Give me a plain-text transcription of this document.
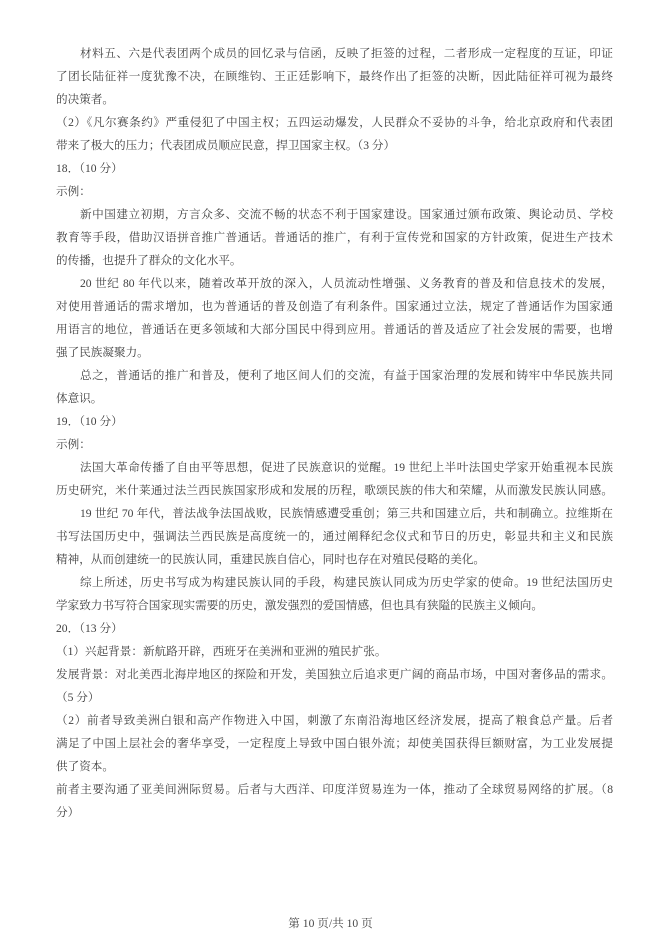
材料五、六是代表团两个成员的回忆录与信函，反映了拒签的过程，二者形成一定程度的互证，印证
了团长陆征祥一度犹豫不决，在顾维钧、王正廷影响下，最终作出了拒签的决断，因此陆征祥可视为最终
的决策者。
（2）《凡尔赛条约》严重侵犯了中国主权；五四运动爆发，人民群众不妥协的斗争，给北京政府和代表团
带来了极大的压力；代表团成员顺应民意，捍卫国家主权。（3 分）
18．（10 分）
示例：
新中国建立初期，方言众多、交流不畅的状态不利于国家建设。国家通过颁布政策、舆论动员、学校
教育等手段，借助汉语拼音推广普通话。普通话的推广，有利于宣传党和国家的方针政策，促进生产技术
的传播，也提升了群众的文化水平。
20 世纪 80 年代以来，随着改革开放的深入，人员流动性增强、义务教育的普及和信息技术的发展，
对使用普通话的需求增加，也为普通话的普及创造了有利条件。国家通过立法，规定了普通话作为国家通
用语言的地位，普通话在更多领域和大部分国民中得到应用。普通话的普及适应了社会发展的需要，也增
强了民族凝聚力。
总之，普通话的推广和普及，便利了地区间人们的交流，有益于国家治理的发展和铸牢中华民族共同
体意识。
19．（10 分）
示例：
法国大革命传播了自由平等思想，促进了民族意识的觉醒。19 世纪上半叶法国史学家开始重视本民族
历史研究，米什莱通过法兰西民族国家形成和发展的历程，歌颂民族的伟大和荣耀，从而激发民族认同感。
19 世纪 70 年代，普法战争法国战败，民族情感遭受重创；第三共和国建立后，共和制确立。拉维斯在
书写法国历史中，强调法兰西民族是高度统一的，通过阐释纪念仪式和节日的历史，彰显共和主义和民族
精神，从而创建统一的民族认同，重建民族自信心，同时也存在对殖民侵略的美化。
综上所述，历史书写成为构建民族认同的手段，构建民族认同成为历史学家的使命。19 世纪法国历史
学家致力书写符合国家现实需要的历史，激发强烈的爱国情感，但也具有狭隘的民族主义倾向。
20．（13 分）
（1）兴起背景：新航路开辟，西班牙在美洲和亚洲的殖民扩张。
发展背景：对北美西北海岸地区的探险和开发，美国独立后追求更广阔的商品市场，中国对奢侈品的需求。
（5 分）
（2）前者导致美洲白银和高产作物进入中国，刺激了东南沿海地区经济发展，提高了粮食总产量。后者
满足了中国上层社会的奢华享受，一定程度上导致中国白银外流；却使美国获得巨额财富，为工业发展提
供了资本。
前者主要沟通了亚美间洲际贸易。后者与大西洋、印度洋贸易连为一体，推动了全球贸易网络的扩展。（8
分）
第 10 页/共 10 页
